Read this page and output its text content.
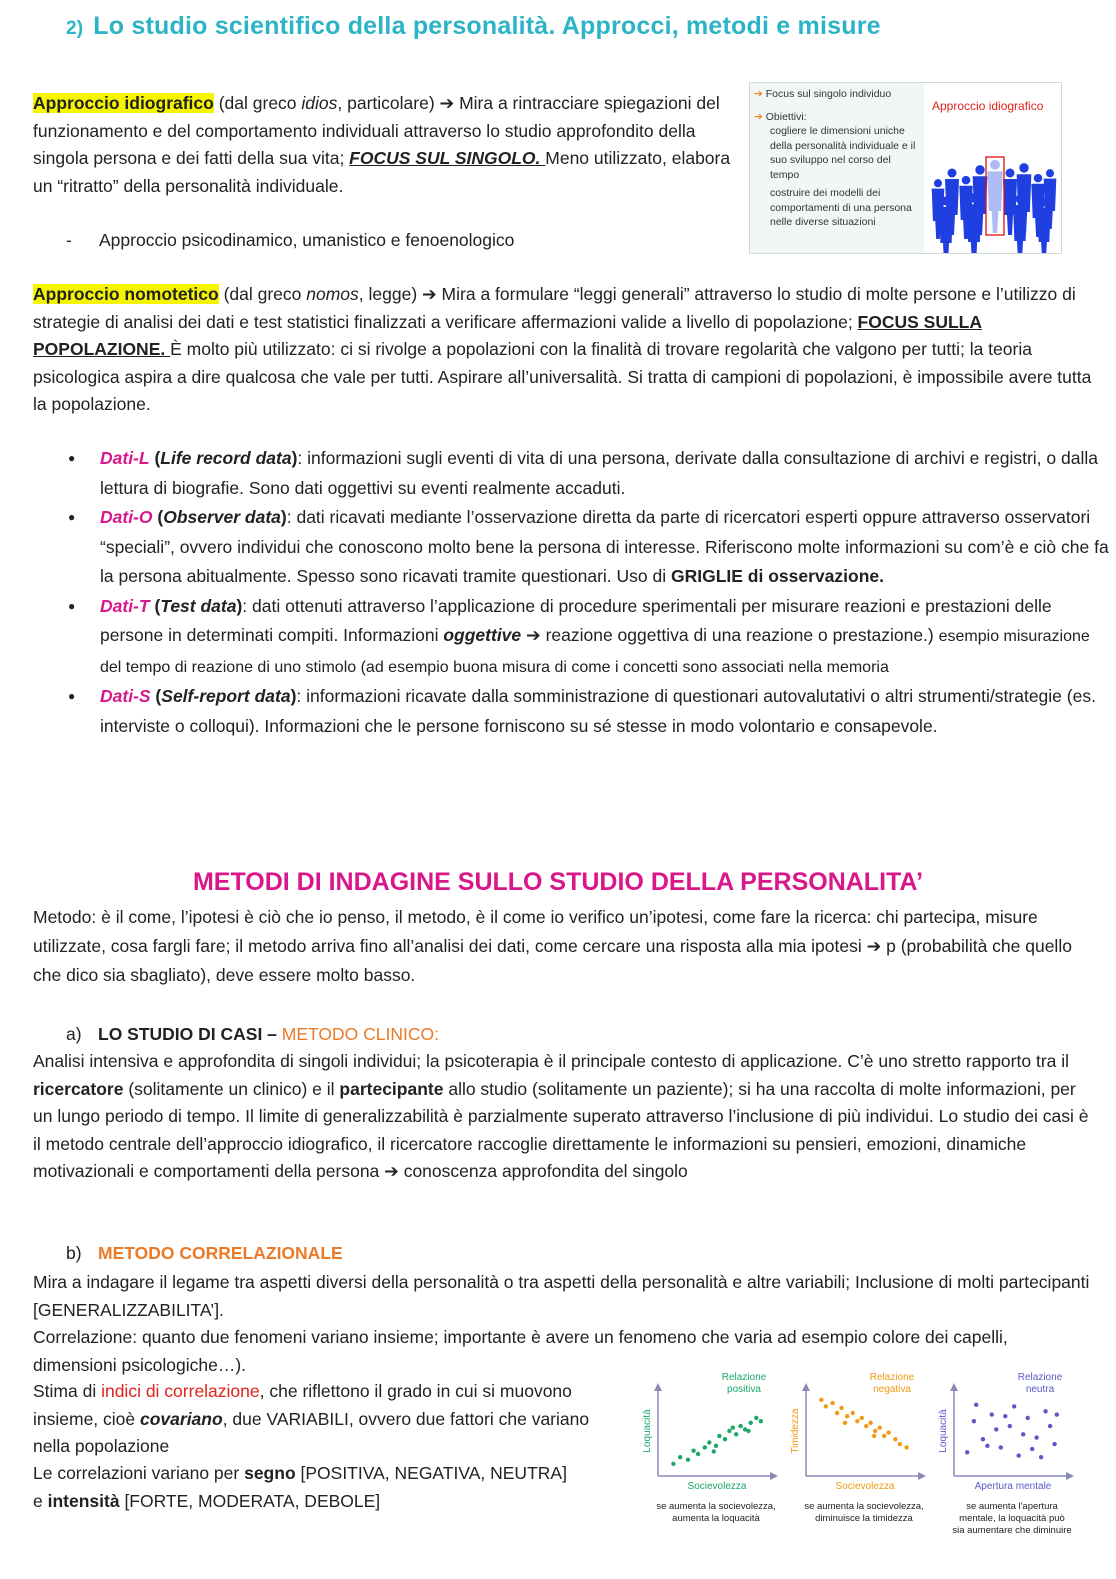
2) Lo studio scientifico della personalità. Approcci, metodi e misure
Approccio idiografico (dal greco idios, particolare) ➔ Mira a rintracciare spiegazioni del funzionamento e del comportamento individuali attraverso lo studio approfondito della singola persona e dei fatti della sua vita; FOCUS SUL SINGOLO. Meno utilizzato, elabora un “ritratto” della personalità individuale.
- Approccio psicodinamico, umanistico e fenoenologico
➔ Focus sul singolo individuo
➔ Obiettivi:
cogliere le dimensioni uniche della personalità individuale e il suo sviluppo nel corso del tempo
costruire dei modelli dei comportamenti di una persona nelle diverse situazioni
Approccio idiografico
Approccio nomotetico (dal greco nomos, legge) ➔ Mira a formulare “leggi generali” attraverso lo studio di molte persone e l’utilizzo di strategie di analisi dei dati e test statistici finalizzati a verificare affermazioni valide a livello di popolazione; FOCUS SULLA POPOLAZIONE. È molto più utilizzato: ci si rivolge a popolazioni con la finalità di trovare regolarità che valgono per tutti; la teoria psicologica aspira a dire qualcosa che vale per tutti. Aspirare all’universalità. Si tratta di campioni di popolazioni, è impossibile avere tutta la popolazione.
● Dati-L (Life record data): informazioni sugli eventi di vita di una persona, derivate dalla consultazione di archivi e registri, o dalla lettura di biografie. Sono dati oggettivi su eventi realmente accaduti.
● Dati-O (Observer data): dati ricavati mediante l’osservazione diretta da parte di ricercatori esperti oppure attraverso osservatori “speciali”, ovvero individui che conoscono molto bene la persona di interesse. Riferiscono molte informazioni su com’è e ciò che fa la persona abitualmente. Spesso sono ricavati tramite questionari. Uso di GRIGLIE di osservazione.
● Dati-T (Test data): dati ottenuti attraverso l’applicazione di procedure sperimentali per misurare reazioni e prestazioni delle persone in determinati compiti. Informazioni oggettive ➔ reazione oggettiva di una reazione o prestazione.) esempio misurazione del tempo di reazione di uno stimolo (ad esempio buona misura di come i concetti sono associati nella memoria
● Dati-S (Self-report data): informazioni ricavate dalla somministrazione di questionari autovalutativi o altri strumenti/strategie (es. interviste o colloqui). Informazioni che le persone forniscono su sé stesse in modo volontario e consapevole.
METODI DI INDAGINE SULLO STUDIO DELLA PERSONALITA’
Metodo: è il come, l’ipotesi è ciò che io penso, il metodo, è il come io verifico un’ipotesi, come fare la ricerca: chi partecipa, misure utilizzate, cosa fargli fare; il metodo arriva fino all’analisi dei dati, come cercare una risposta alla mia ipotesi ➔ p (probabilità che quello che dico sia sbagliato), deve essere molto basso.
a) LO STUDIO DI CASI – METODO CLINICO:
Analisi intensiva e approfondita di singoli individui; la psicoterapia è il principale contesto di applicazione. C’è uno stretto rapporto tra il ricercatore (solitamente un clinico) e il partecipante allo studio (solitamente un paziente); si ha una raccolta di molte informazioni, per un lungo periodo di tempo. Il limite di generalizzabilità è parzialmente superato attraverso l’inclusione di più individui. Lo studio dei casi è il metodo centrale dell’approccio idiografico, il ricercatore raccoglie direttamente le informazioni su pensieri, emozioni, dinamiche motivazionali e comportamenti della persona ➔ conoscenza approfondita del singolo
b) METODO CORRELAZIONALE
Mira a indagare il legame tra aspetti diversi della personalità o tra aspetti della personalità e altre variabili; Inclusione di molti partecipanti [GENERALIZZABILITA’].
Correlazione: quanto due fenomeni variano insieme; importante è avere un fenomeno che varia ad esempio colore dei capelli, dimensioni psicologiche…).
Stima di indici di correlazione, che riflettono il grado in cui si muovono insieme, cioè covariano, due VARIABILI, ovvero due fattori che variano nella popolazione
Le correlazioni variano per segno [POSITIVA, NEGATIVA, NEUTRA] e intensità [FORTE, MODERATA, DEBOLE]
Relazione
positiva
Loquacità
Socievolezza
se aumenta la socievolezza,
aumenta la loquacità
Relazione
negativa
Timidezza
Socievolezza
se aumenta la socievolezza,
diminuisce la timidezza
Relazione
neutra
Loquacità
Apertura mentale
se aumenta l'apertura
mentale, la loquacità può
sia aumentare che diminuire
